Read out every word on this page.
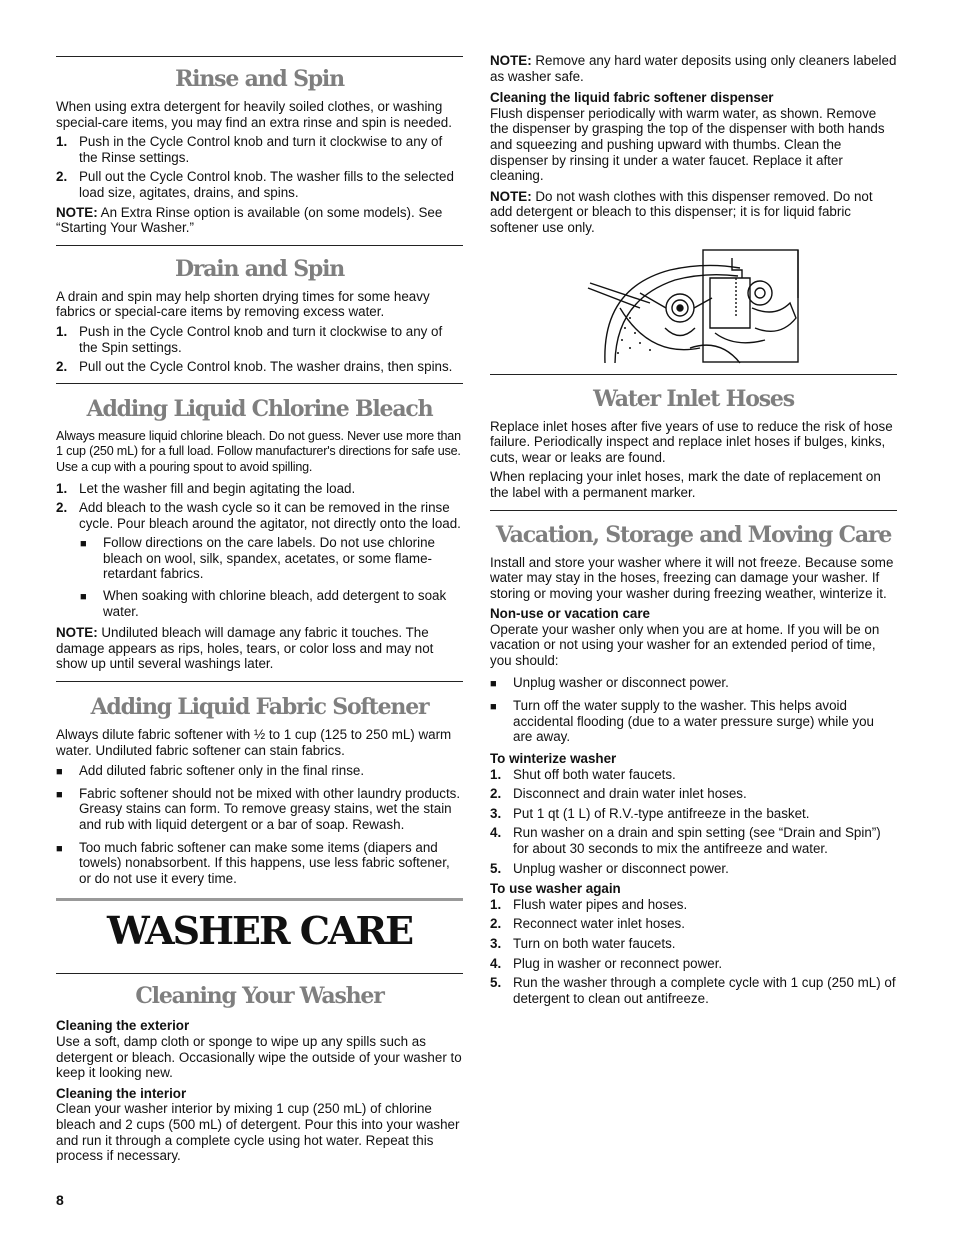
Rinse and Spin

When using extra detergent for heavily soiled clothes, or washing special-care items, you may find an extra rinse and spin is needed.

1. Push in the Cycle Control knob and turn it clockwise to any of the Rinse settings.
2. Pull out the Cycle Control knob. The washer fills to the selected load size, agitates, drains, and spins.

NOTE: An Extra Rinse option is available (on some models). See “Starting Your Washer.”

Drain and Spin

A drain and spin may help shorten drying times for some heavy fabrics or special-care items by removing excess water.

1. Push in the Cycle Control knob and turn it clockwise to any of the Spin settings.
2. Pull out the Cycle Control knob. The washer drains, then spins.
Adding Liquid Chlorine Bleach

Always measure liquid chlorine bleach. Do not guess. Never use more than 1 cup (250 mL) for a full load. Follow manufacturer's directions for safe use. Use a cup with a pouring spout to avoid spilling.

1. Let the washer fill and begin agitating the load.
2. Add bleach to the wash cycle so it can be removed in the rinse cycle. Pour bleach around the agitator, not directly onto the load.
■ Follow directions on the care labels. Do not use chlorine bleach on wool, silk, spandex, acetates, or some flame-retardant fabrics.
■ When soaking with chlorine bleach, add detergent to soak water.

NOTE: Undiluted bleach will damage any fabric it touches. The damage appears as rips, holes, tears, or color loss and may not show up until several washings later.

Adding Liquid Fabric Softener

Always dilute fabric softener with ½ to 1 cup (125 to 250 mL) warm water. Undiluted fabric softener can stain fabrics.

■ Add diluted fabric softener only in the final rinse.
■ Fabric softener should not be mixed with other laundry products. Greasy stains can form. To remove greasy stains, wet the stain and rub with liquid detergent or a bar of soap. Rewash.
■ Too much fabric softener can make some items (diapers and towels) nonabsorbent. If this happens, use less fabric softener, or do not use it every time.
WASHER CARE
Cleaning Your Washer

Cleaning the exterior

Use a soft, damp cloth or sponge to wipe up any spills such as detergent or bleach. Occasionally wipe the outside of your washer to keep it looking new.

Cleaning the interior

Clean your washer interior by mixing 1 cup (250 mL) of chlorine bleach and 2 cups (500 mL) of detergent. Pour this into your washer and run it through a complete cycle using hot water. Repeat this process if necessary.

NOTE: Remove any hard water deposits using only cleaners labeled as washer safe.

Cleaning the liquid fabric softener dispenser

Flush dispenser periodically with warm water, as shown. Remove the dispenser by grasping the top of the dispenser with both hands and squeezing and pushing upward with thumbs. Clean the dispenser by rinsing it under a water faucet. Replace it after cleaning.

NOTE: Do not wash clothes with this dispenser removed. Do not add detergent or bleach to this dispenser; it is for liquid fabric softener use only.

Water Inlet Hoses

Replace inlet hoses after five years of use to reduce the risk of hose failure. Periodically inspect and replace inlet hoses if bulges, kinks, cuts, wear or leaks are found.

When replacing your inlet hoses, mark the date of replacement on the label with a permanent marker.

Vacation, Storage and Moving Care

Install and store your washer where it will not freeze. Because some water may stay in the hoses, freezing can damage your washer. If storing or moving your washer during freezing weather, winterize it.

Non-use or vacation care

Operate your washer only when you are at home. If you will be on vacation or not using your washer for an extended period of time, you should:

■ Unplug washer or disconnect power.
■ Turn off the water supply to the washer. This helps avoid accidental flooding (due to a water pressure surge) while you are away.

To winterize washer

1. Shut off both water faucets.
2. Disconnect and drain water inlet hoses.
3. Put 1 qt (1 L) of R.V.-type antifreeze in the basket.
4. Run washer on a drain and spin setting (see “Drain and Spin”) for about 30 seconds to mix the antifreeze and water.
5. Unplug washer or disconnect power.

To use washer again

1. Flush water pipes and hoses.
2. Reconnect water inlet hoses.
3. Turn on both water faucets.
4. Plug in washer or reconnect power.
5. Run the washer through a complete cycle with 1 cup (250 mL) of detergent to clean out antifreeze.
8
